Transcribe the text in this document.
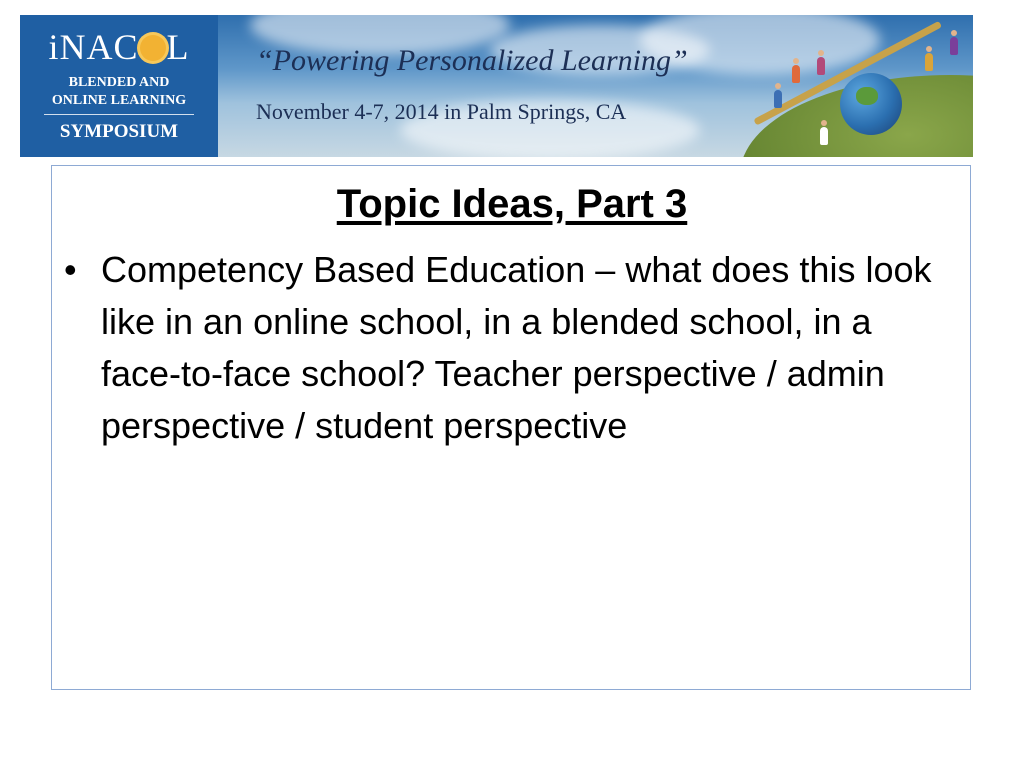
iNAC L
BLENDED AND
ONLINE LEARNING
SYMPOSIUM
“Powering Personalized Learning”
November 4-7, 2014 in Palm Springs, CA
Topic Ideas, Part 3
• Competency Based Education – what does this look like in an online school, in a blended school, in a face-to-face school? Teacher perspective / admin perspective / student perspective
